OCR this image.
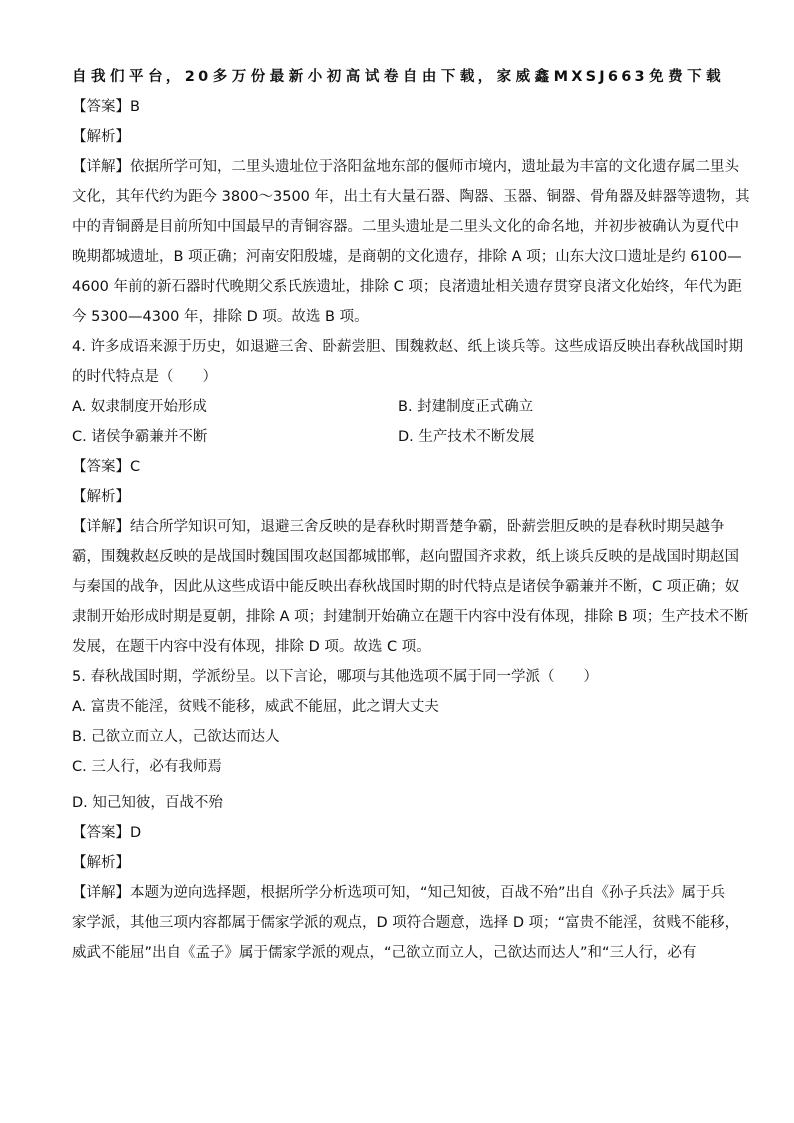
自 我 们 平 台， 20 多 万 份 最 新 小 初 高 试 卷 自 由 下 载， 家 威 鑫 MXSJ663 免 费 下 载
【答案】B
【解析】
【详解】依据所学可知，二里头遗址位于洛阳盆地东部的偃师市境内，遗址最为丰富的文化遗存属二里头
文化，其年代约为距今 3800～3500 年，出土有大量石器、陶器、玉器、铜器、骨角器及蚌器等遗物，其
中的青铜爵是目前所知中国最早的青铜容器。二里头遗址是二里头文化的命名地，并初步被确认为夏代中
晚期都城遗址，B 项正确；河南安阳殷墟，是商朝的文化遗存，排除 A 项；山东大汶口遗址是约 6100—
4600 年前的新石器时代晚期父系氏族遗址，排除 C 项；良渚遗址相关遗存贯穿良渚文化始终，年代为距
今 5300—4300 年，排除 D 项。故选 B 项。
4. 许多成语来源于历史，如退避三舍、卧薪尝胆、围魏救赵、纸上谈兵等。这些成语反映出春秋战国时期
的时代特点是（　　）
A. 奴隶制度开始形成	B. 封建制度正式确立
C. 诸侯争霸兼并不断	D. 生产技术不断发展
【答案】C
【解析】
【详解】结合所学知识可知，退避三舍反映的是春秋时期晋楚争霸，卧薪尝胆反映的是春秋时期吴越争
霸，围魏救赵反映的是战国时魏国围攻赵国都城邯郸，赵向盟国齐求救，纸上谈兵反映的是战国时期赵国
与秦国的战争，因此从这些成语中能反映出春秋战国时期的时代特点是诸侯争霸兼并不断，C 项正确；奴
隶制开始形成时期是夏朝，排除 A 项；封建制开始确立在题干内容中没有体现，排除 B 项；生产技术不断
发展，在题干内容中没有体现，排除 D 项。故选 C 项。
5. 春秋战国时期，学派纷呈。以下言论，哪项与其他选项不属于同一学派（　　）
A. 富贵不能淫，贫贱不能移，威武不能屈，此之谓大丈夫
B. 己欲立而立人，己欲达而达人
C. 三人行，必有我师焉
D. 知己知彼，百战不殆
【答案】D
【解析】
【详解】本题为逆向选择题，根据所学分析选项可知，“知己知彼，百战不殆”出自《孙子兵法》属于兵
家学派，其他三项内容都属于儒家学派的观点，D 项符合题意，选择 D 项；“富贵不能淫，贫贱不能移，
威武不能屈”出自《孟子》属于儒家学派的观点，“己欲立而立人，己欲达而达人”和“三人行，必有
